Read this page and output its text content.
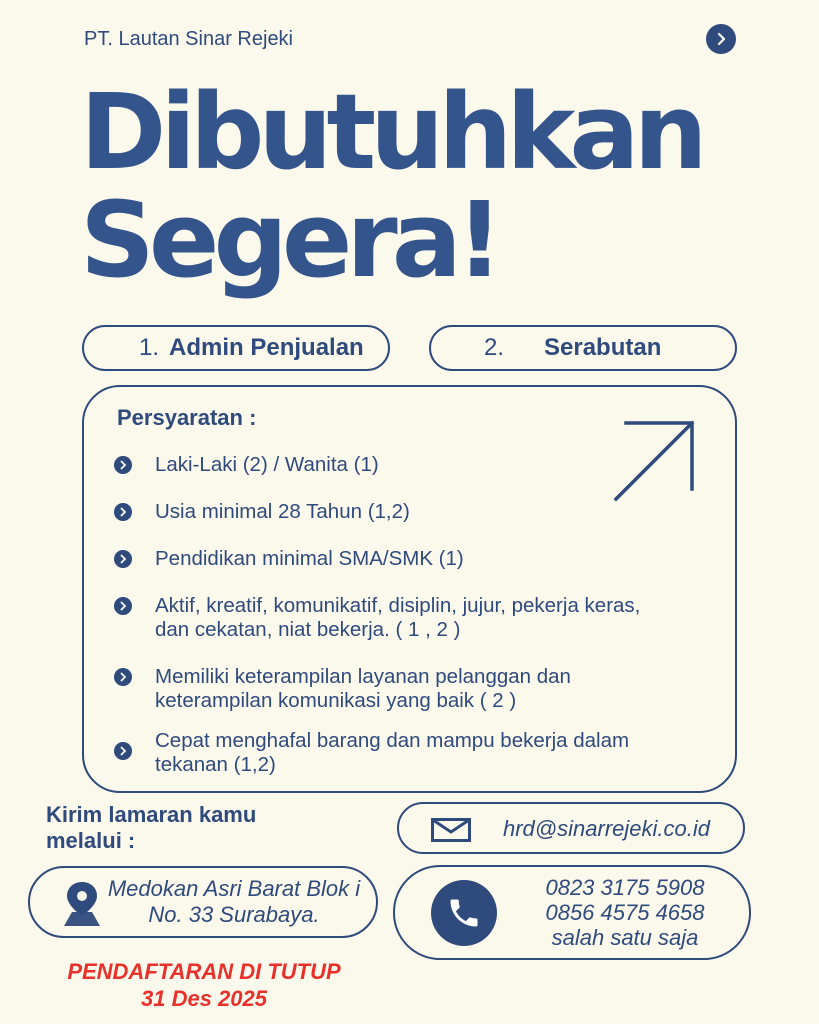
PT. Lautan Sinar Rejeki
Dibutuhkan
Segera!
1. Admin Penjualan	2. Serabutan
Persyaratan :
Laki-Laki (2) / Wanita (1)
Usia minimal 28 Tahun (1,2)
Pendidikan minimal SMA/SMK (1)
Aktif, kreatif, komunikatif, disiplin, jujur, pekerja keras, dan cekatan, niat bekerja. ( 1 , 2 )
Memiliki keterampilan layanan pelanggan dan keterampilan komunikasi yang baik ( 2 )
Cepat menghafal barang dan mampu bekerja dalam tekanan (1,2)
Kirim lamaran kamu melalui :	hrd@sinarrejeki.co.id
Medokan Asri Barat Blok i No. 33 Surabaya.
0823 3175 5908
0856 4575 4658
salah satu saja
PENDAFTARAN DI TUTUP
31 Des 2025
